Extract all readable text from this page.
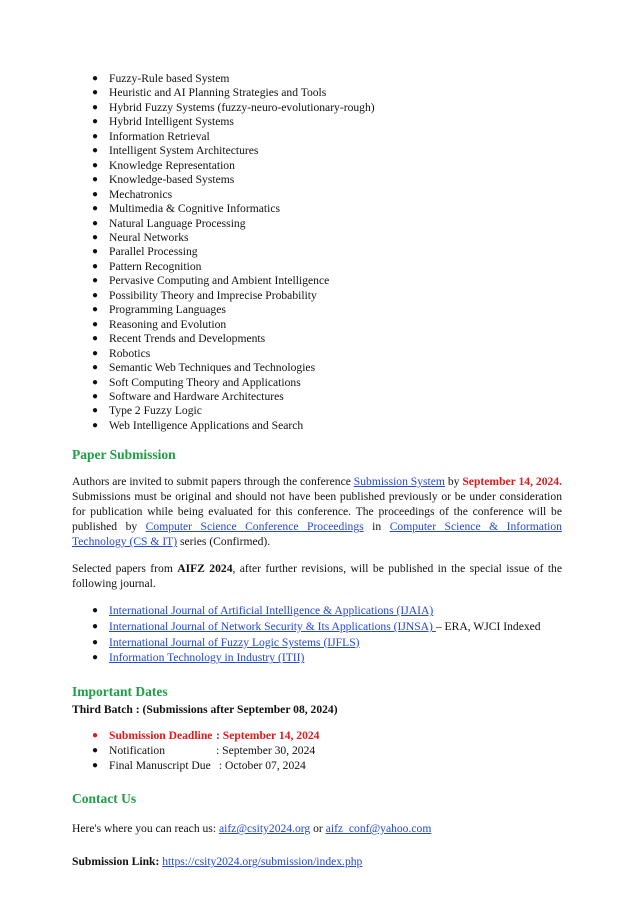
● Fuzzy-Rule based System
● Heuristic and AI Planning Strategies and Tools
● Hybrid Fuzzy Systems (fuzzy-neuro-evolutionary-rough)
● Hybrid Intelligent Systems
● Information Retrieval
● Intelligent System Architectures
● Knowledge Representation
● Knowledge-based Systems
● Mechatronics
● Multimedia & Cognitive Informatics
● Natural Language Processing
● Neural Networks
● Parallel Processing
● Pattern Recognition
● Pervasive Computing and Ambient Intelligence
● Possibility Theory and Imprecise Probability
● Programming Languages
● Reasoning and Evolution
● Recent Trends and Developments
● Robotics
● Semantic Web Techniques and Technologies
● Soft Computing Theory and Applications
● Software and Hardware Architectures
● Type 2 Fuzzy Logic
● Web Intelligence Applications and Search
Paper Submission

Authors are invited to submit papers through the conference Submission System by September 14, 2024. Submissions must be original and should not have been published previously or be under consideration for publication while being evaluated for this conference. The proceedings of the conference will be published by Computer Science Conference Proceedings in Computer Science & Information Technology (CS & IT) series (Confirmed).

Selected papers from AIFZ 2024, after further revisions, will be published in the special issue of the following journal.

● International Journal of Artificial Intelligence & Applications (IJAIA)
● International Journal of Network Security & Its Applications (IJNSA) – ERA, WJCI Indexed
● International Journal of Fuzzy Logic Systems (IJFLS)
● Information Technology in Industry (ITII)
Important Dates
Third Batch : (Submissions after September 08, 2024)
● Submission Deadline : September 14, 2024
● Notification	: September 30, 2024
● Final Manuscript Due : October 07, 2024
Contact Us

Here's where you can reach us: aifz@csity2024.org or aifz_conf@yahoo.com

Submission Link: https://csity2024.org/submission/index.php
